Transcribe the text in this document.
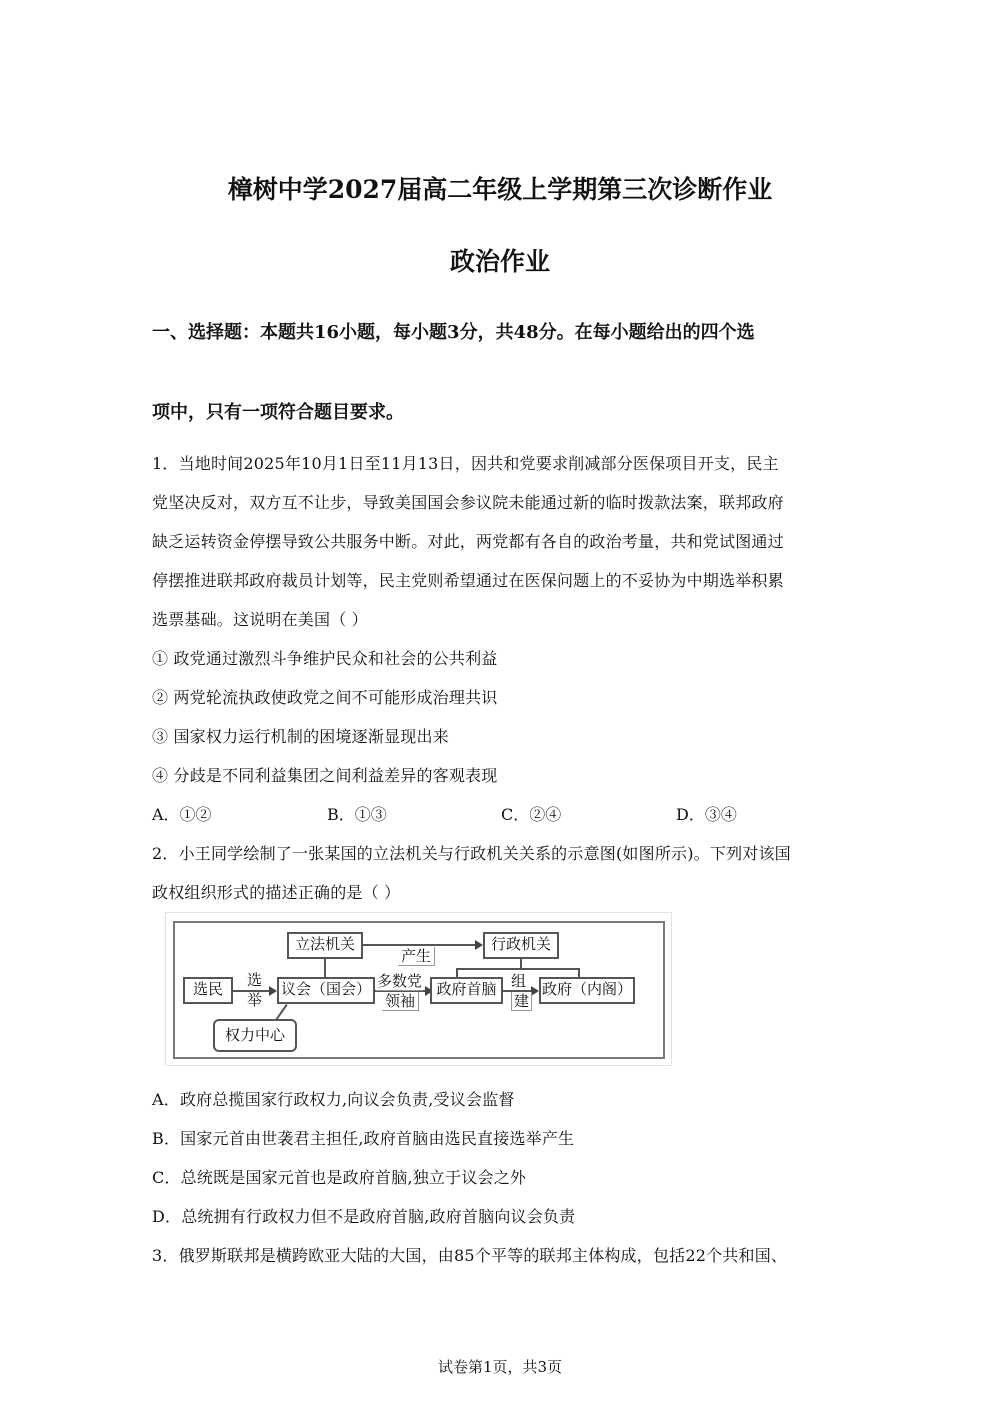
樟树中学2027届高二年级上学期第三次诊断作业
政治作业
一、选择题：本题共16小题，每小题3分，共48分。在每小题给出的四个选
项中，只有一项符合题目要求。
1．当地时间2025年10月1日至11月13日，因共和党要求削减部分医保项目开支，民主
党坚决反对，双方互不让步，导致美国国会参议院未能通过新的临时拨款法案，联邦政府
缺乏运转资金停摆导致公共服务中断。对此，两党都有各自的政治考量，共和党试图通过
停摆推进联邦政府裁员计划等，民主党则希望通过在医保问题上的不妥协为中期选举积累
选票基础。这说明在美国（ ）
① 政党通过激烈斗争维护民众和社会的公共利益
② 两党轮流执政使政党之间不可能形成治理共识
③ 国家权力运行机制的困境逐渐显现出来
④ 分歧是不同利益集团之间利益差异的客观表现
A．①②	B．①③	C．②④	D．③④
2．小王同学绘制了一张某国的立法机关与行政机关关系的示意图(如图所示)。下列对该国
政权组织形式的描述正确的是（ ）
立法机关
产生
行政机关
选民	选
举
议会（国会） 多数党
领袖
政府首脑 组
建
政府（内阁）
权力中心
A．政府总揽国家行政权力,向议会负责,受议会监督
B．国家元首由世袭君主担任,政府首脑由选民直接选举产生
C．总统既是国家元首也是政府首脑,独立于议会之外
D．总统拥有行政权力但不是政府首脑,政府首脑向议会负责
3．俄罗斯联邦是横跨欧亚大陆的大国，由85个平等的联邦主体构成，包括22个共和国、
试卷第1页，共3页
